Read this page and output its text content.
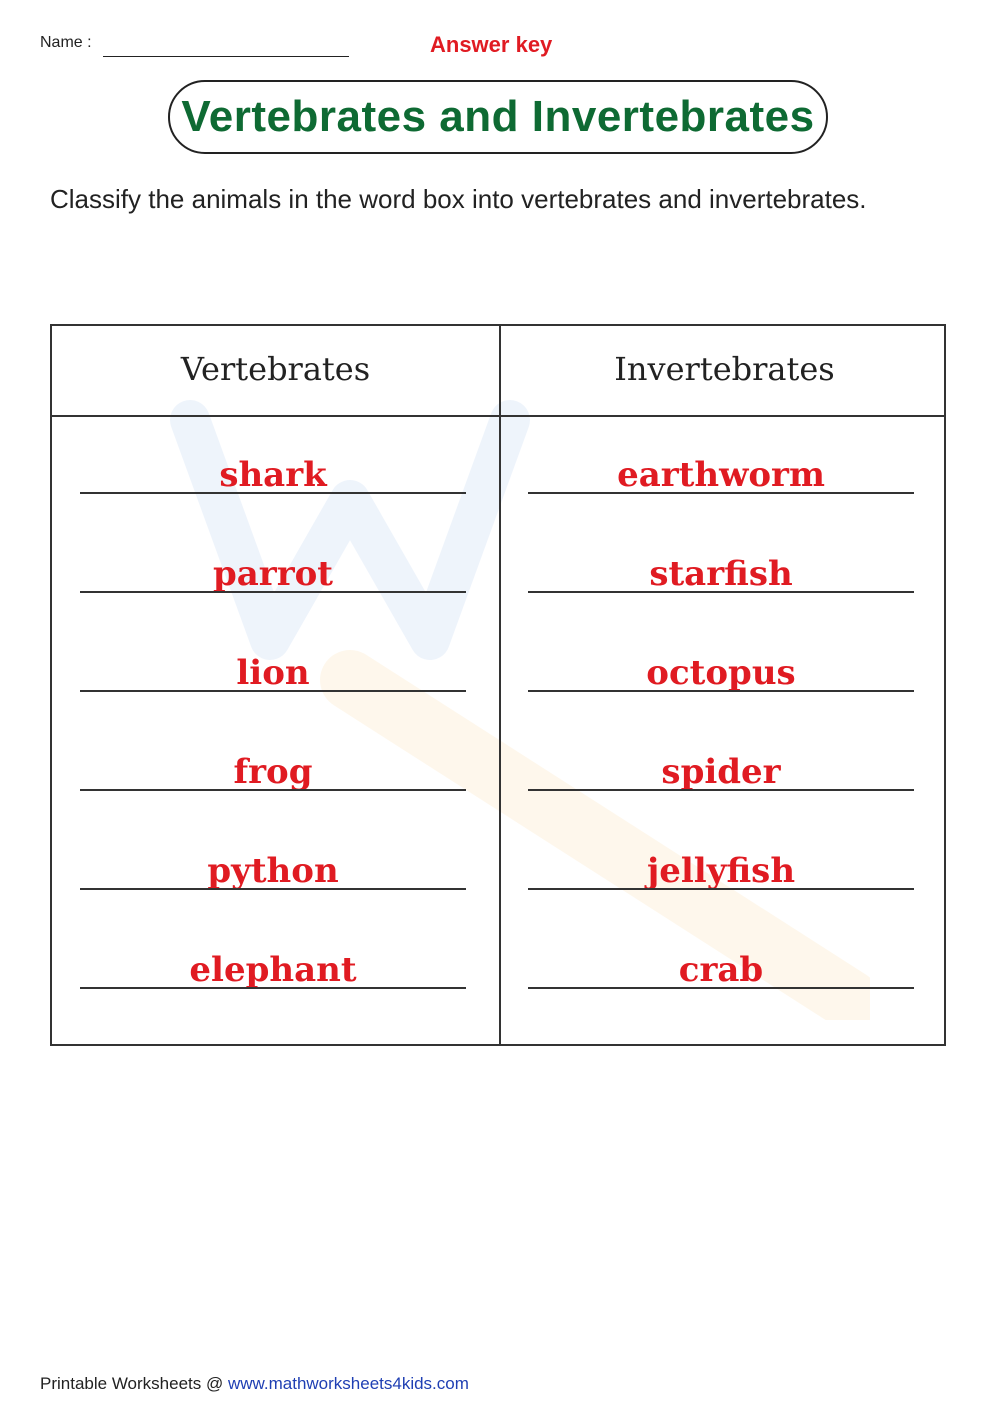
Name :	Answer key
Vertebrates and Invertebrates
Classify the animals in the word box into vertebrates and invertebrates.
Vertebrates	Invertebrates
shark
parrot
lion
frog
python
elephant
earthworm
starfish
octopus
spider
jellyfish
crab
Printable Worksheets @ www.mathworksheets4kids.com
